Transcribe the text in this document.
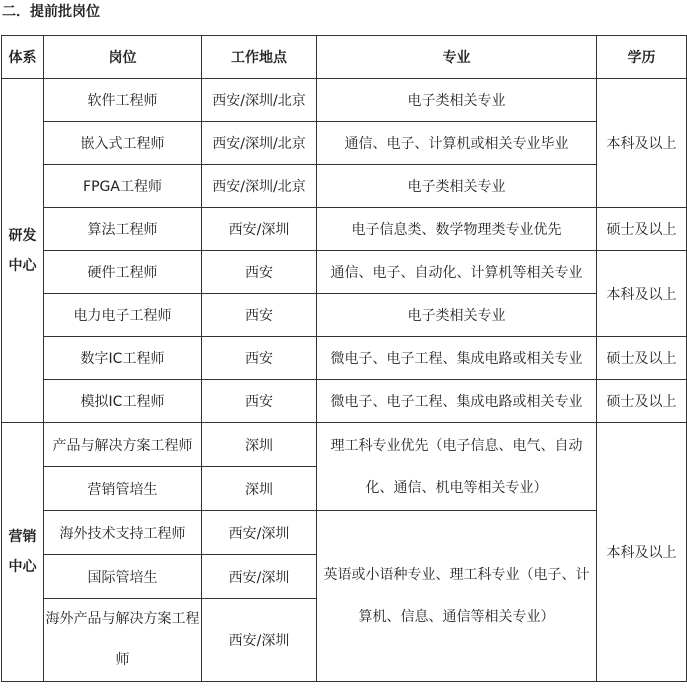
二．提前批岗位
体系	岗位	工作地点	专业	学历
研发中心	软件工程师	西安/深圳/北京	电子类相关专业	本科及以上
	嵌入式工程师	西安/深圳/北京	通信、电子、计算机或相关专业毕业	
	FPGA工程师	西安/深圳/北京	电子类相关专业	
	算法工程师	西安/深圳	电子信息类、数学物理类专业优先	硕士及以上
	硬件工程师	西安	通信、电子、自动化、计算机等相关专业	本科及以上
	电力电子工程师	西安	电子类相关专业	
	数字IC工程师	西安	微电子、电子工程、集成电路或相关专业	硕士及以上
	模拟IC工程师	西安	微电子、电子工程、集成电路或相关专业	硕士及以上
营销中心	产品与解决方案工程师	深圳	理工科专业优先（电子信息、电气、自动化、通信、机电等相关专业）	本科及以上
	营销管培生	深圳		
	海外技术支持工程师	西安/深圳	英语或小语种专业、理工科专业（电子、计算机、信息、通信等相关专业）	
	国际管培生	西安/深圳		
	海外产品与解决方案工程师	西安/深圳		
